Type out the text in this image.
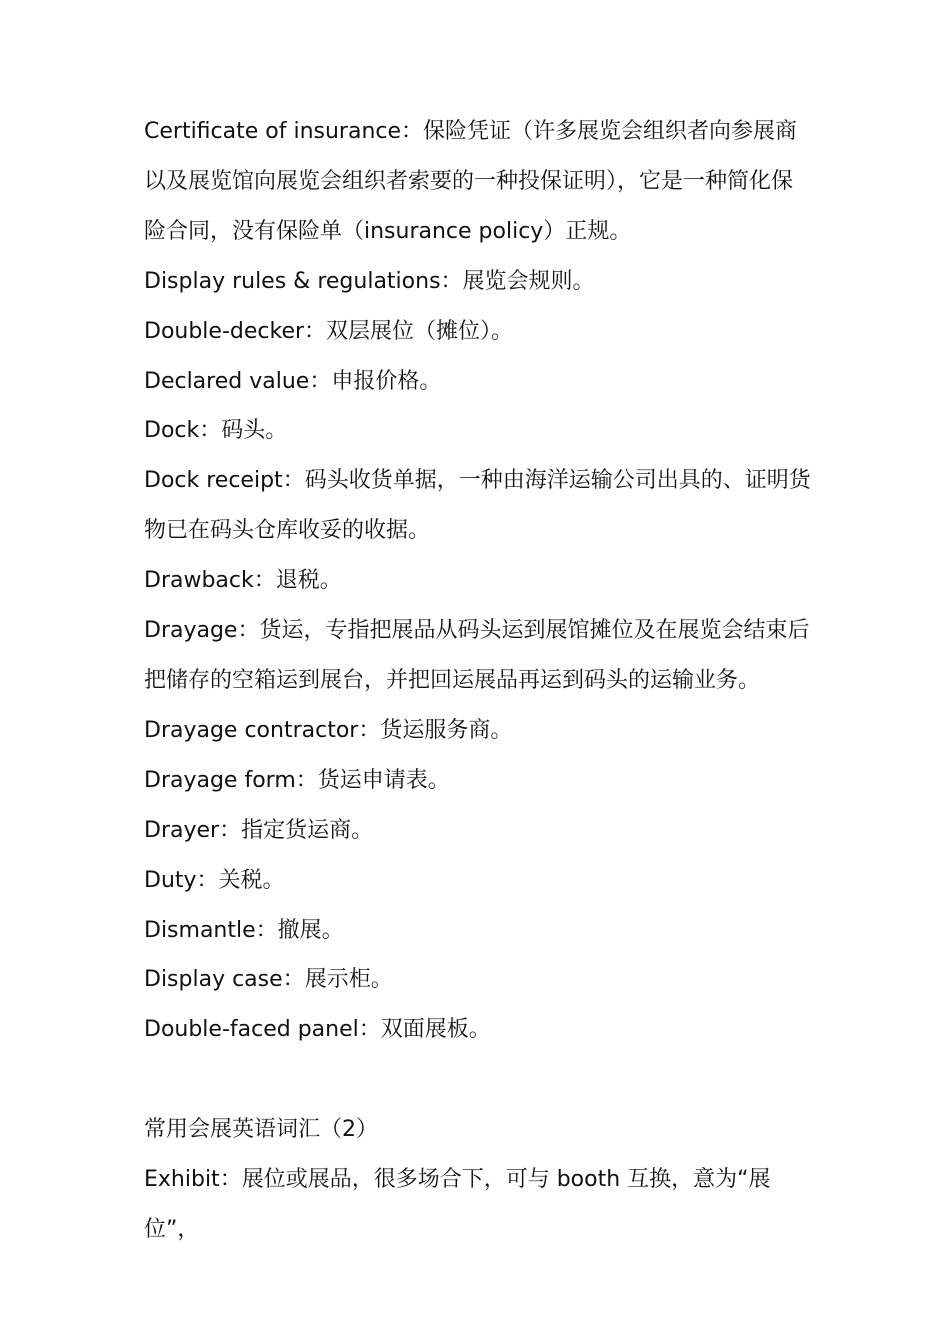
Certificate of insurance：保险凭证（许多展览会组织者向参展商以及展览馆向展览会组织者索要的一种投保证明），它是一种简化保险合同，没有保险单（insurance policy）正规。

Display rules & regulations：展览会规则。

Double-decker：双层展位（摊位）。

Declared value：申报价格。

Dock：码头。

Dock receipt：码头收货单据，一种由海洋运输公司出具的、证明货物已在码头仓库收妥的收据。

Drawback：退税。

Drayage：货运，专指把展品从码头运到展馆摊位及在展览会结束后把储存的空箱运到展台，并把回运展品再运到码头的运输业务。

Drayage contractor：货运服务商。

Drayage form：货运申请表。

Drayer：指定货运商。

Duty：关税。

Dismantle：撤展。

Display case：展示柜。

Double-faced panel：双面展板。

常用会展英语词汇（2）

Exhibit：展位或展品，很多场合下，可与 booth 互换，意为“展位”，
